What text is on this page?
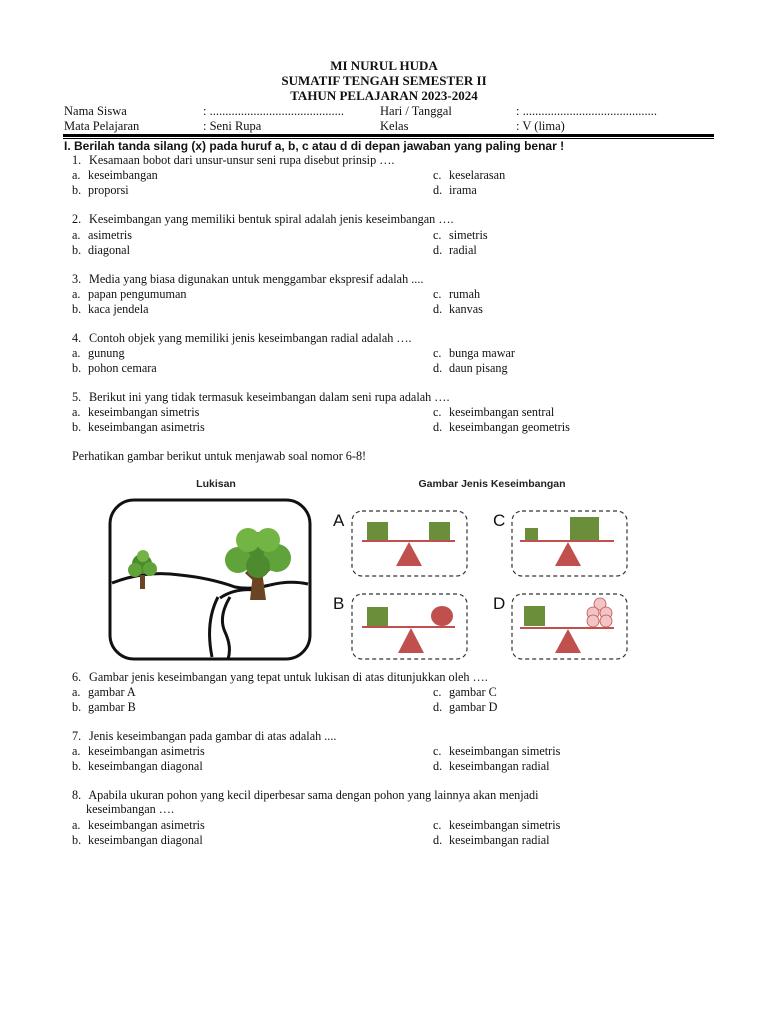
MI NURUL HUDA
SUMATIF TENGAH SEMESTER II
TAHUN PELAJARAN 2023-2024
Nama Siswa	: ...........................................	Hari / Tanggal	: ...........................................
Mata Pelajaran	: Seni Rupa	Kelas	: V (lima)
I. Berilah tanda silang (x) pada huruf a, b, c atau d di depan jawaban yang paling benar !
1. Kesamaan bobot dari unsur-unsur seni rupa disebut prinsip ….
a. keseimbangan	c. keselarasan
b. proporsi	d. irama
2. Keseimbangan yang memiliki bentuk spiral adalah jenis keseimbangan ….
a. asimetris	c. simetris
b. diagonal	d. radial
3. Media yang biasa digunakan untuk menggambar ekspresif adalah ....
a. papan pengumuman	c. rumah
b. kaca jendela	d. kanvas
4. Contoh objek yang memiliki jenis keseimbangan radial adalah ….
a. gunung	c. bunga mawar
b. pohon cemara	d. daun pisang
5. Berikut ini yang tidak termasuk keseimbangan dalam seni rupa adalah ….
a. keseimbangan simetris	c. keseimbangan sentral
b. keseimbangan asimetris	d. keseimbangan geometris
Perhatikan gambar berikut untuk menjawab soal nomor 6-8!
Lukisan	Gambar Jenis Keseimbangan
A	C
B	D
6. Gambar jenis keseimbangan yang tepat untuk lukisan di atas ditunjukkan oleh ….
a. gambar A	c. gambar C
b. gambar B	d. gambar D
7. Jenis keseimbangan pada gambar di atas adalah ....
a. keseimbangan asimetris	c. keseimbangan simetris
b. keseimbangan diagonal	d. keseimbangan radial
8. Apabila ukuran pohon yang kecil diperbesar sama dengan pohon yang lainnya akan menjadi
keseimbangan ….
a. keseimbangan asimetris	c. keseimbangan simetris
b. keseimbangan diagonal	d. keseimbangan radial
